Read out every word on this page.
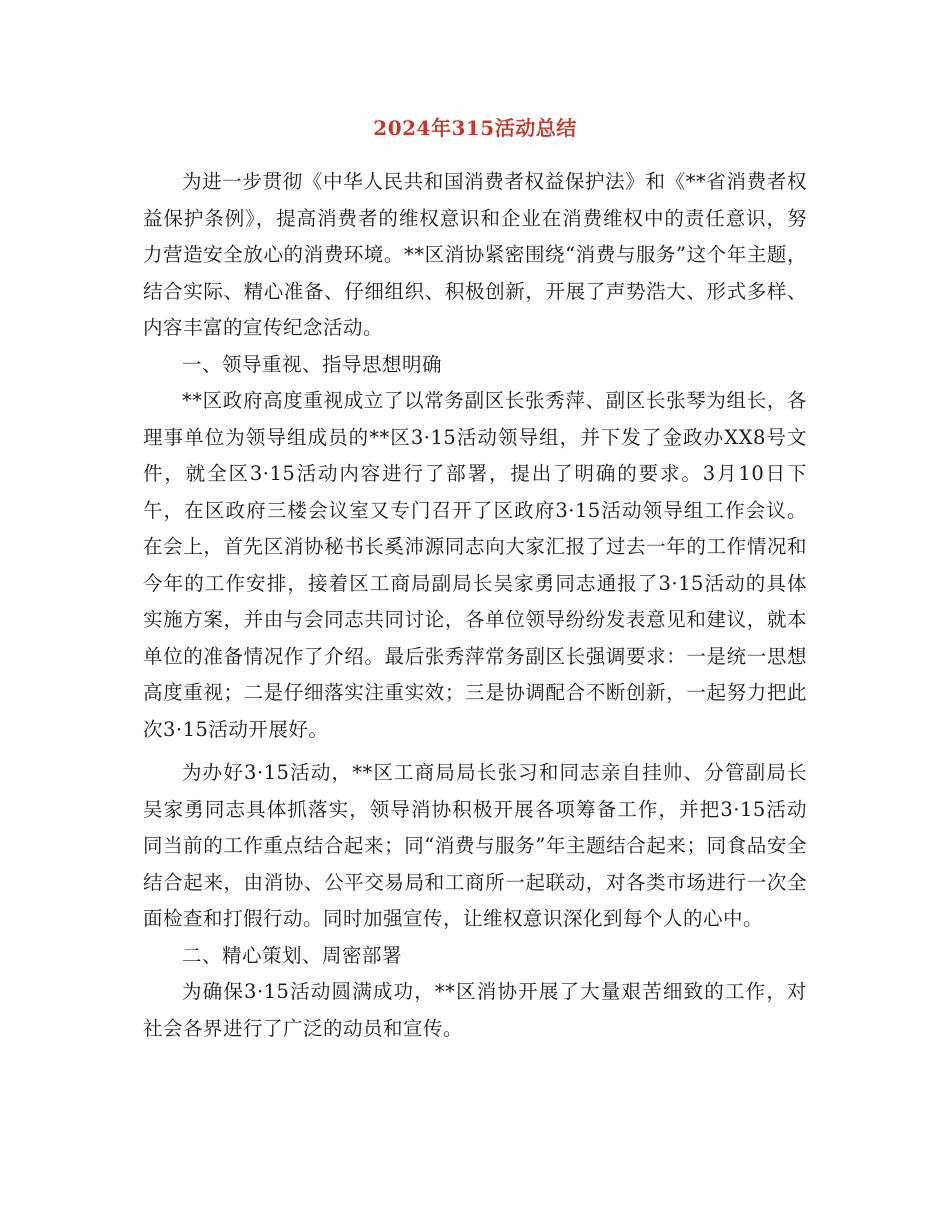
2024年315活动总结

为进一步贯彻《中华人民共和国消费者权益保护法》和《**省消费者权益保护条例》，提高消费者的维权意识和企业在消费维权中的责任意识，努力营造安全放心的消费环境。**区消协紧密围绕“消费与服务”这个年主题，结合实际、精心准备、仔细组织、积极创新，开展了声势浩大、形式多样、内容丰富的宣传纪念活动。

一、领导重视、指导思想明确

**区政府高度重视成立了以常务副区长张秀萍、副区长张琴为组长，各理事单位为领导组成员的**区3·15活动领导组，并下发了金政办XX8号文件，就全区3·15活动内容进行了部署，提出了明确的要求。3月10日下午，在区政府三楼会议室又专门召开了区政府3·15活动领导组工作会议。在会上，首先区消协秘书长奚沛源同志向大家汇报了过去一年的工作情况和今年的工作安排，接着区工商局副局长吴家勇同志通报了3·15活动的具体实施方案，并由与会同志共同讨论，各单位领导纷纷发表意见和建议，就本单位的准备情况作了介绍。最后张秀萍常务副区长强调要求：一是统一思想高度重视；二是仔细落实注重实效；三是协调配合不断创新，一起努力把此次3·15活动开展好。

为办好3·15活动，**区工商局局长张习和同志亲自挂帅、分管副局长吴家勇同志具体抓落实，领导消协积极开展各项筹备工作，并把3·15活动同当前的工作重点结合起来；同“消费与服务”年主题结合起来；同食品安全结合起来，由消协、公平交易局和工商所一起联动，对各类市场进行一次全面检查和打假行动。同时加强宣传，让维权意识深化到每个人的心中。

二、精心策划、周密部署

为确保3·15活动圆满成功，**区消协开展了大量艰苦细致的工作，对社会各界进行了广泛的动员和宣传。
